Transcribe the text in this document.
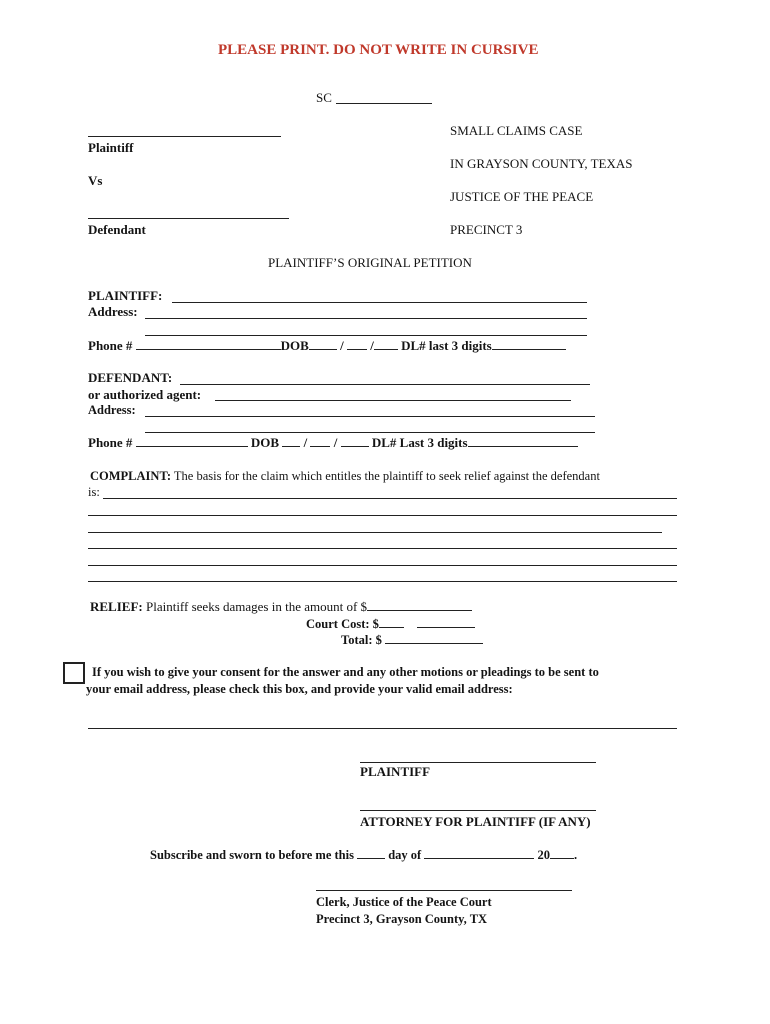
PLEASE PRINT. DO NOT WRITE IN CURSIVE
SC
Plaintiff
Vs
Defendant
SMALL CLAIMS CASE
IN GRAYSON COUNTY, TEXAS
JUSTICE OF THE PEACE
PRECINCT 3
PLAINTIFF’S ORIGINAL PETITION
PLAINTIFF:
Address:
Phone #	DOB / / DL# last 3 digits
DEFENDANT:
or authorized agent:
Address:
Phone #	DOB / /	DL# Last 3 digits
COMPLAINT: The basis for the claim which entitles the plaintiff to seek relief against the defendant
is:
RELIEF: Plaintiff seeks damages in the amount of $
Court Cost: $
Total: $
If you wish to give your consent for the answer and any other motions or pleadings to be sent to
your email address, please check this box, and provide your valid email address:
PLAINTIFF
ATTORNEY FOR PLAINTIFF (IF ANY)
Subscribe and sworn to before me this	day of	20 .
Clerk, Justice of the Peace Court
Precinct 3, Grayson County, TX
